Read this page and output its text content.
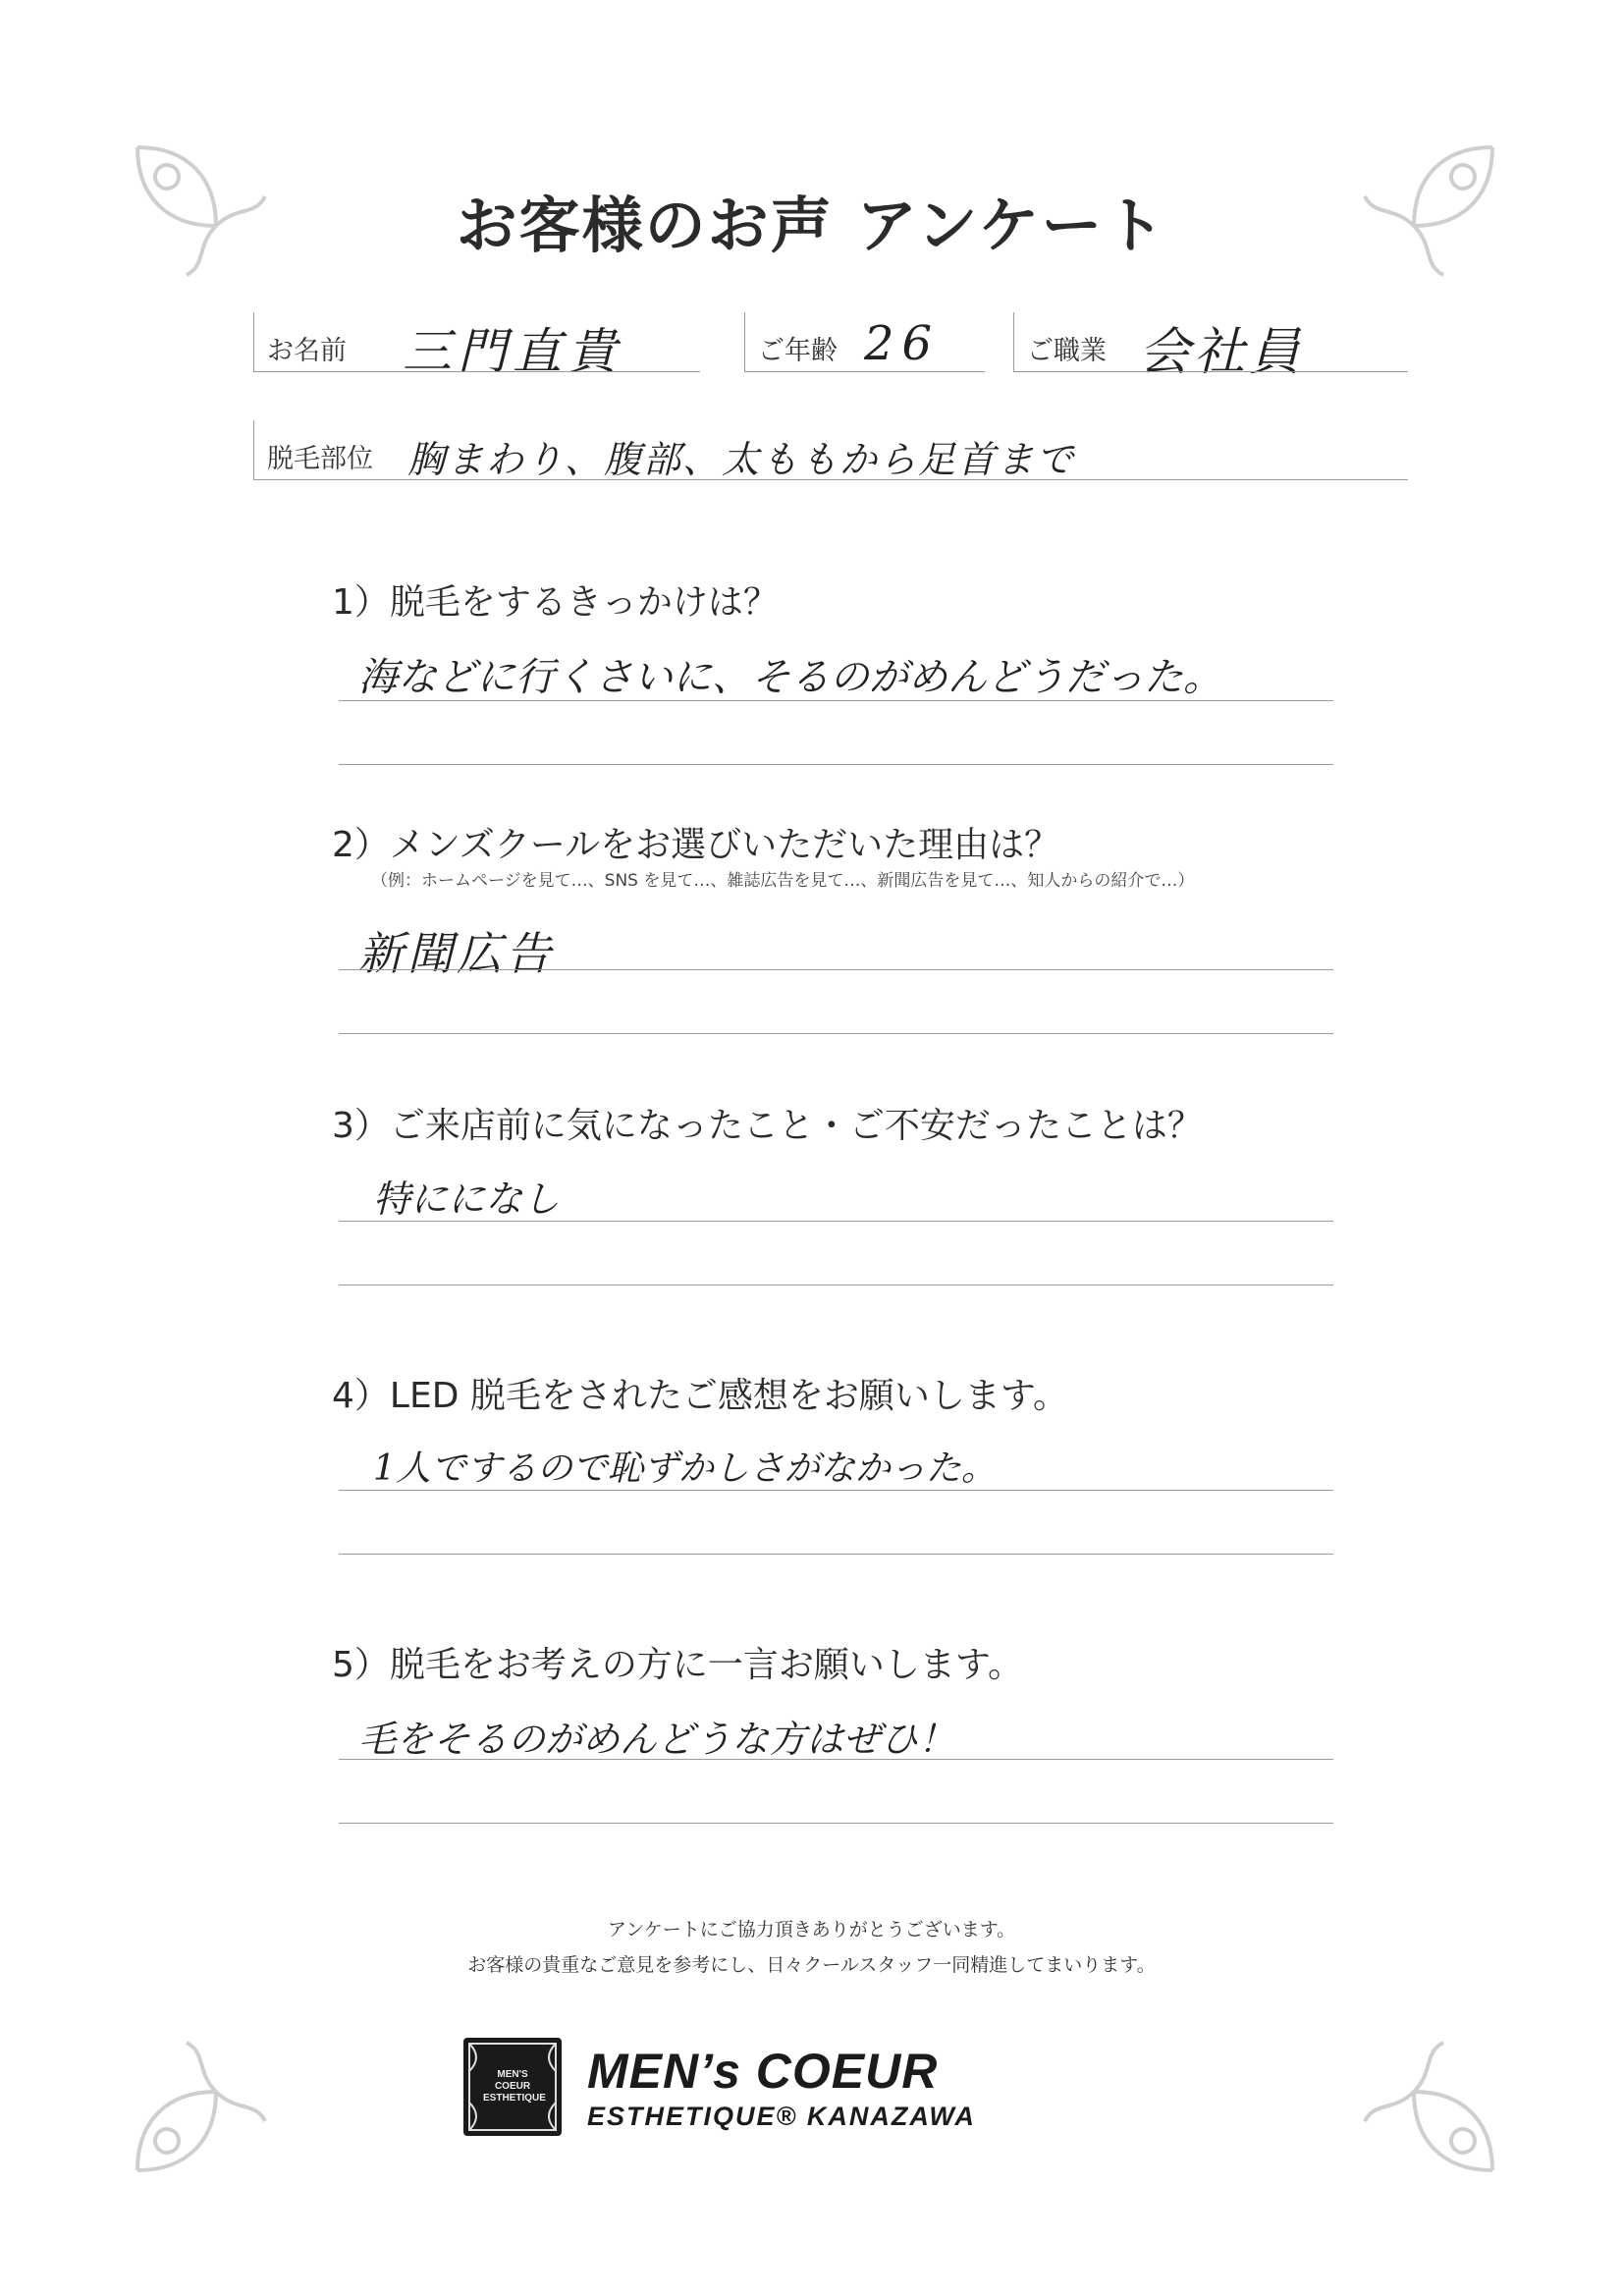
お客様のお声 アンケート
お名前 三門直貴	ご年齢 26	ご職業 会社員
脱毛部位 胸まわり、腹部、太ももから足首まで
1）脱毛をするきっかけは？
海などに行くさいに、そるのがめんどうだった。
2）メンズクールをお選びいただいた理由は？
（例：ホームページを見て…、SNS を見て…、雑誌広告を見て…、新聞広告を見て…、知人からの紹介で…）
新聞広告
3）ご来店前に気になったこと・ご不安だったことは？
特にになし
4）LED 脱毛をされたご感想をお願いします。
1人でするので恥ずかしさがなかった。
5）脱毛をお考えの方に一言お願いします。
毛をそるのがめんどうな方はぜひ！
アンケートにご協力頂きありがとうございます。
お客様の貴重なご意見を参考にし、日々クールスタッフ一同精進してまいります。
MEN'S COEUR ESTHETIQUE MEN’s COEUR
ESTHETIQUE® KANAZAWA
